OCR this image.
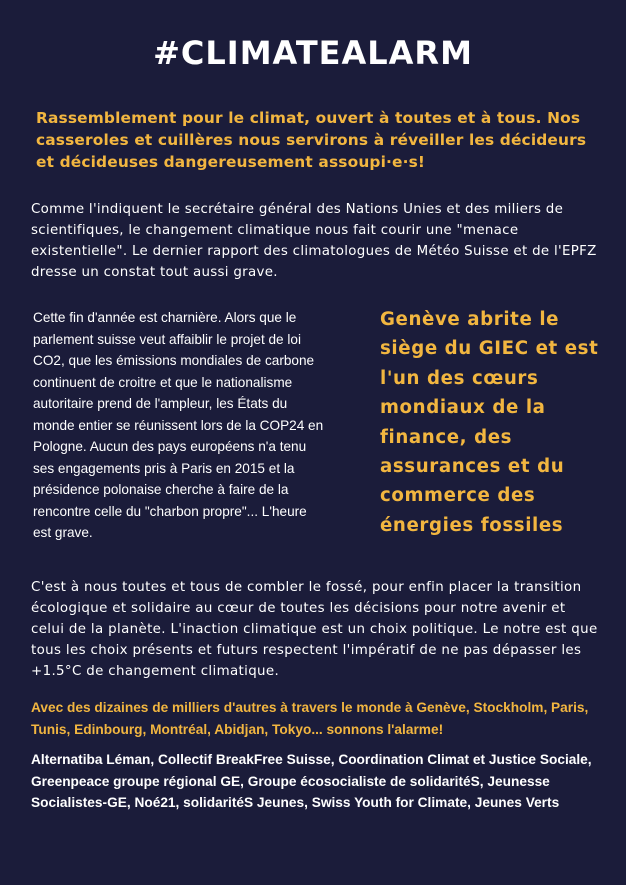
#CLIMATEALARM

Rassemblement pour le climat, ouvert à toutes et à tous. Nos casseroles et cuillères nous servirons à réveiller les décideurs et décideuses dangereusement assoupi·e·s!

Comme l'indiquent le secrétaire général des Nations Unies et des miliers de scientifiques, le changement climatique nous fait courir une "menace existentielle". Le dernier rapport des climatologues de Météo Suisse et de l'EPFZ dresse un constat tout aussi grave.

Cette fin d'année est charnière. Alors que le parlement suisse veut affaiblir le projet de loi CO2, que les émissions mondiales de carbone continuent de croitre et que le nationalisme autoritaire prend de l'ampleur, les États du monde entier se réunissent lors de la COP24 en Pologne. Aucun des pays européens n'a tenu ses engagements pris à Paris en 2015 et la présidence polonaise cherche à faire de la rencontre celle du "charbon propre"... L'heure est grave.

Genève abrite le siège du GIEC et est l'un des cœurs mondiaux de la finance, des assurances et du commerce des énergies fossiles

C'est à nous toutes et tous de combler le fossé, pour enfin placer la transition écologique et solidaire au cœur de toutes les décisions pour notre avenir et celui de la planète. L'inaction climatique est un choix politique. Le notre est que tous les choix présents et futurs respectent l'impératif de ne pas dépasser les +1.5°C de changement climatique.

Avec des dizaines de milliers d'autres à travers le monde à Genève, Stockholm, Paris, Tunis, Edinbourg, Montréal, Abidjan, Tokyo... sonnons l'alarme!

Alternatiba Léman, Collectif BreakFree Suisse, Coordination Climat et Justice Sociale, Greenpeace groupe régional GE, Groupe écosocialiste de solidaritéS, Jeunesse Socialistes-GE, Noé21, solidaritéS Jeunes, Swiss Youth for Climate, Jeunes Verts
